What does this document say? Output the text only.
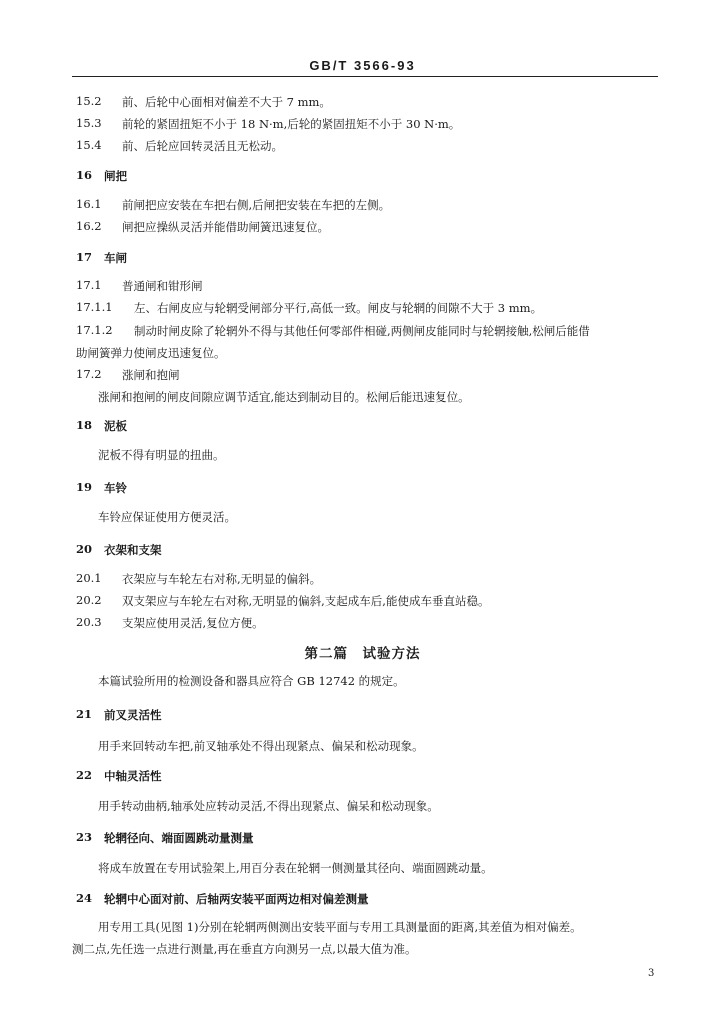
GB/T 3566-93
15.2 前、后轮中心面相对偏差不大于 7 mm。
15.3 前轮的紧固扭矩不小于 18 N·m,后轮的紧固扭矩不小于 30 N·m。
15.4 前、后轮应回转灵活且无松动。
16 闸把
16.1 前闸把应安装在车把右侧,后闸把安装在车把的左侧。
16.2 闸把应操纵灵活并能借助闸簧迅速复位。
17 车闸
17.1 普通闸和钳形闸
17.1.1 左、右闸皮应与轮辋受闸部分平行,高低一致。闸皮与轮辋的间隙不大于 3 mm。
17.1.2 制动时闸皮除了轮辋外不得与其他任何零部件相碰,两侧闸皮能同时与轮辋接触,松闸后能借
助闸簧弹力使闸皮迅速复位。
17.2 涨闸和抱闸
涨闸和抱闸的闸皮间隙应调节适宜,能达到制动目的。松闸后能迅速复位。
18 泥板
泥板不得有明显的扭曲。
19 车铃
车铃应保证使用方便灵活。
20 衣架和支架
20.1 衣架应与车轮左右对称,无明显的偏斜。
20.2 双支架应与车轮左右对称,无明显的偏斜,支起成车后,能使成车垂直站稳。
20.3 支架应使用灵活,复位方便。
第二篇　试验方法
本篇试验所用的检测设备和器具应符合 GB 12742 的规定。
21 前叉灵活性
用手来回转动车把,前叉轴承处不得出现紧点、偏呆和松动现象。
22 中轴灵活性
用手转动曲柄,轴承处应转动灵活,不得出现紧点、偏呆和松动现象。
23 轮辋径向、端面圆跳动量测量
将成车放置在专用试验架上,用百分表在轮辋一侧测量其径向、端面圆跳动量。
24 轮辋中心面对前、后轴两安装平面两边相对偏差测量
用专用工具(见图 1)分别在轮辋两侧测出安装平面与专用工具测量面的距离,其差值为相对偏差。
测二点,先任选一点进行测量,再在垂直方向测另一点,以最大值为准。
3
